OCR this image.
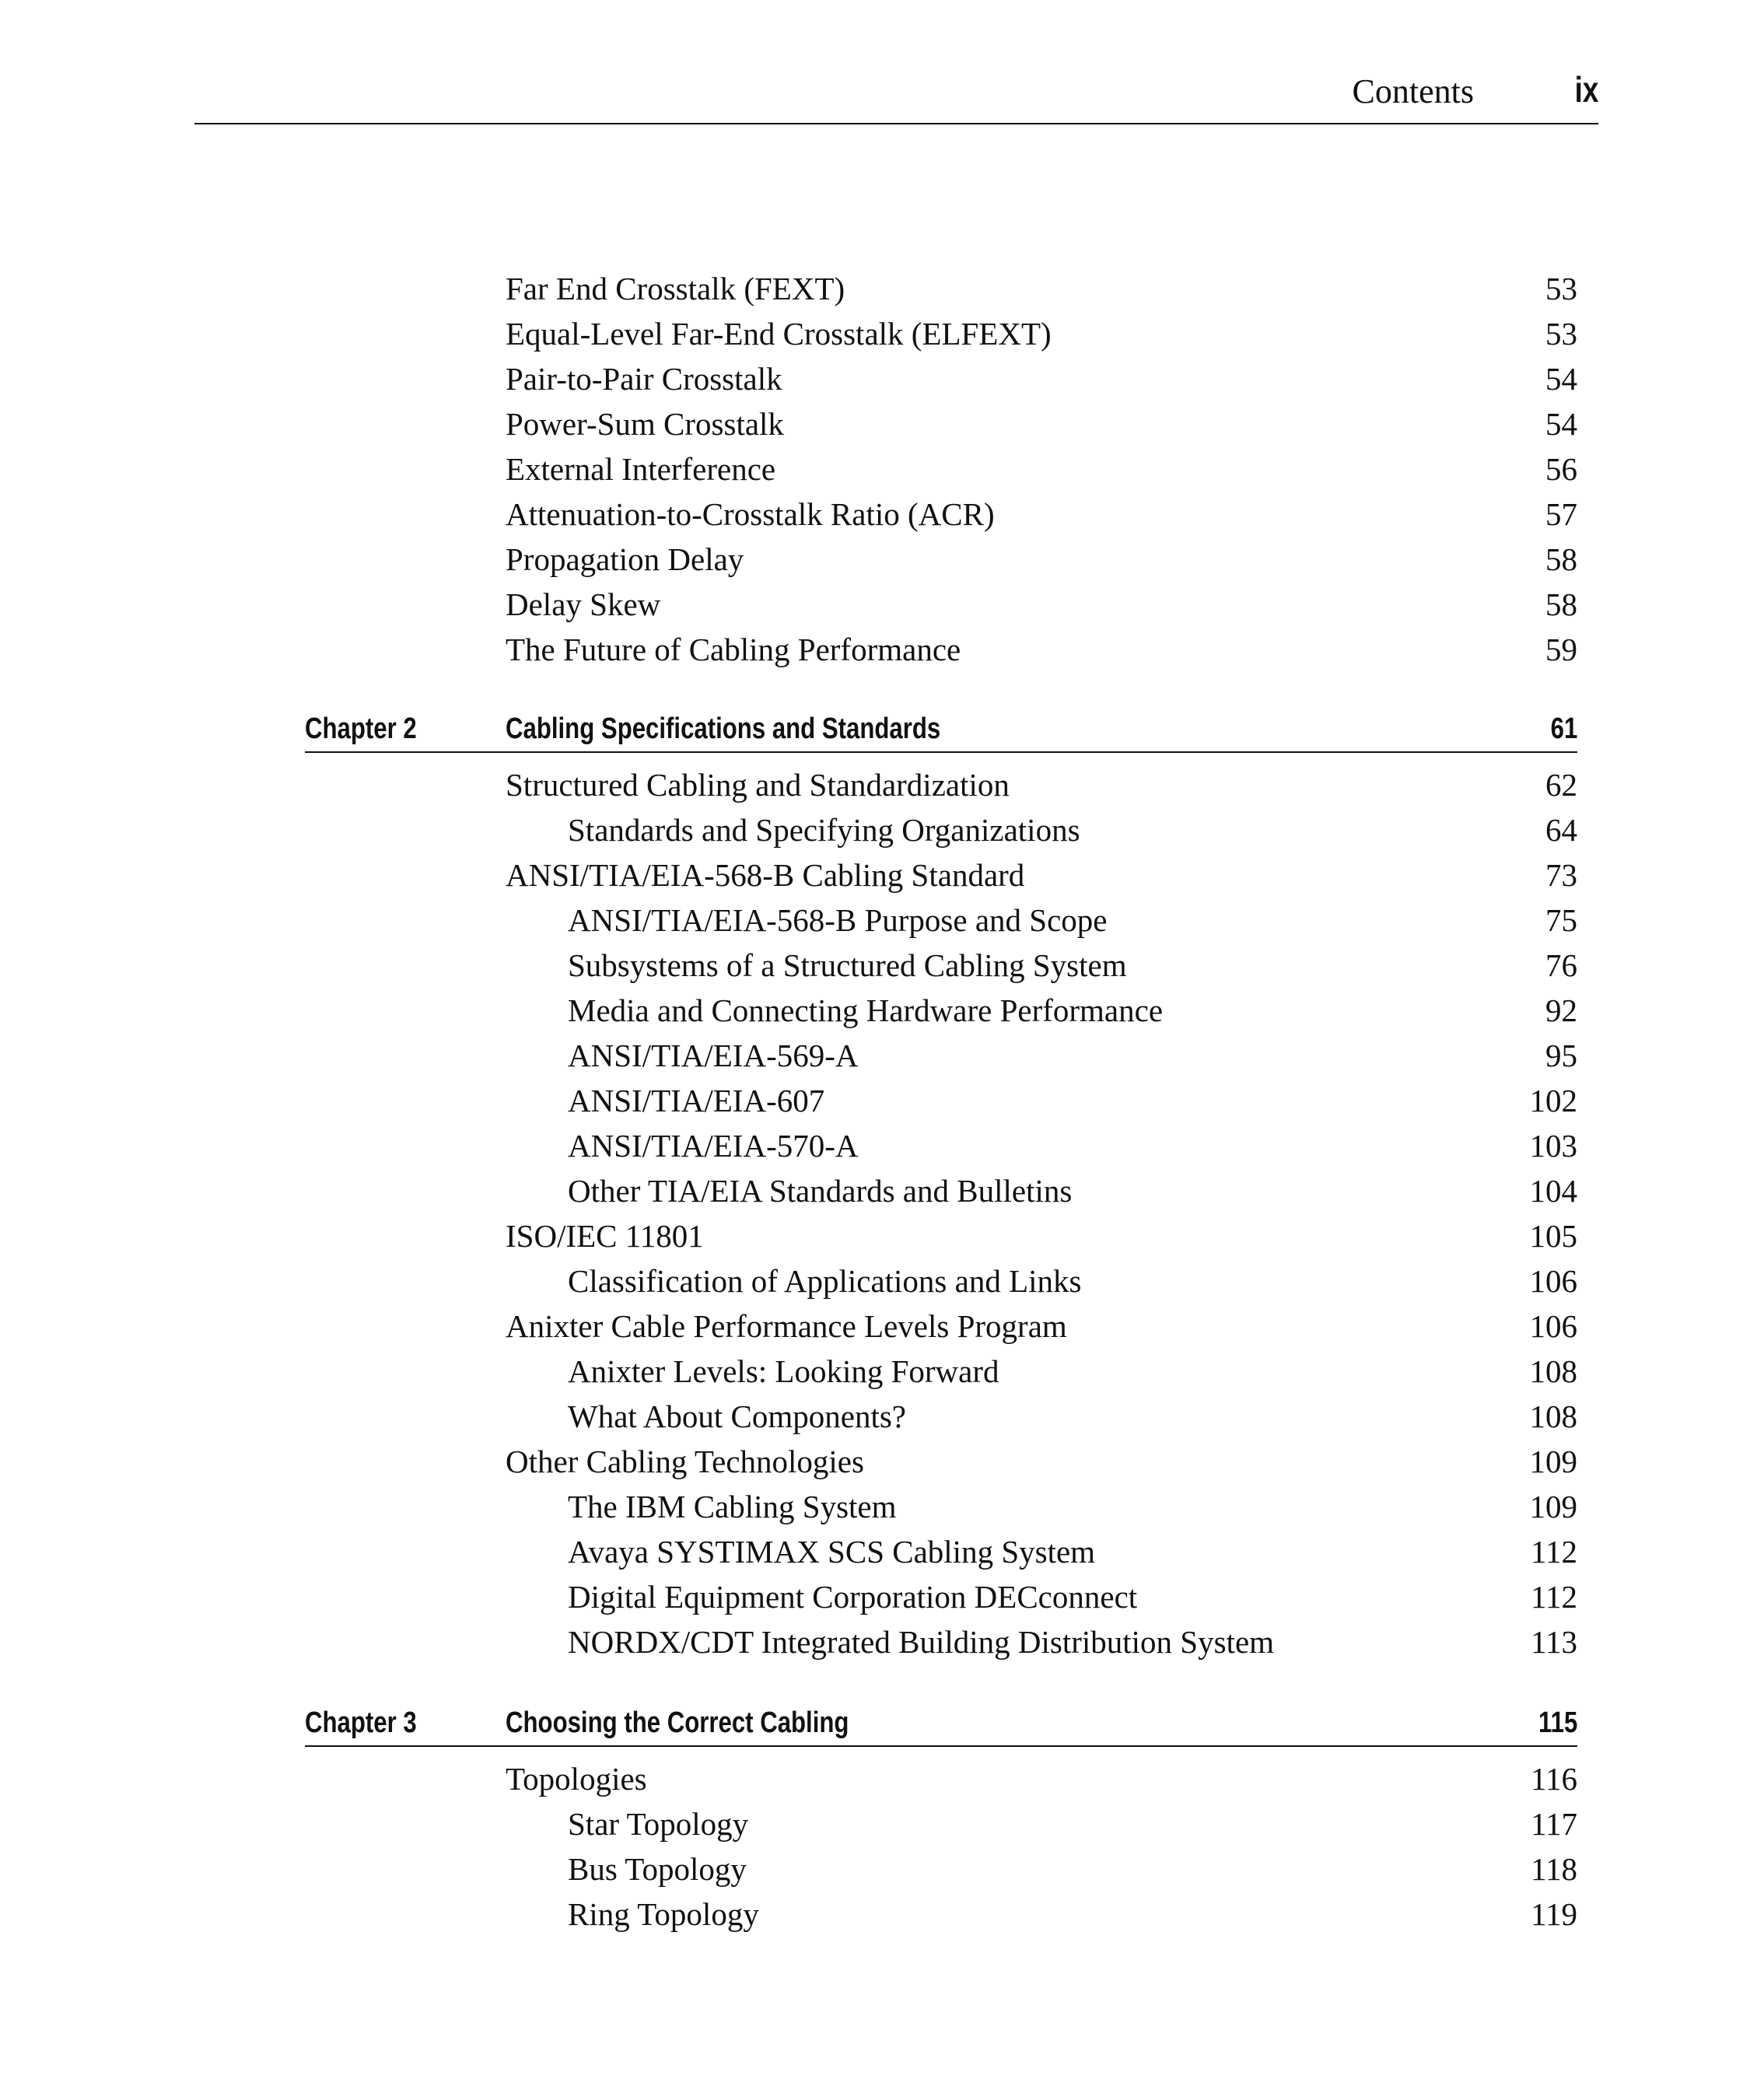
Contents	ix
Far End Crosstalk (FEXT)	53
Equal-Level Far-End Crosstalk (ELFEXT)	53
Pair-to-Pair Crosstalk	54
Power-Sum Crosstalk	54
External Interference	56
Attenuation-to-Crosstalk Ratio (ACR)	57
Propagation Delay	58
Delay Skew	58
The Future of Cabling Performance	59
Chapter 2	Cabling Specifications and Standards	61
Structured Cabling and Standardization	62
Standards and Specifying Organizations	64
ANSI/TIA/EIA-568-B Cabling Standard	73
ANSI/TIA/EIA-568-B Purpose and Scope	75
Subsystems of a Structured Cabling System	76
Media and Connecting Hardware Performance	92
ANSI/TIA/EIA-569-A	95
ANSI/TIA/EIA-607	102
ANSI/TIA/EIA-570-A	103
Other TIA/EIA Standards and Bulletins	104
ISO/IEC 11801	105
Classification of Applications and Links	106
Anixter Cable Performance Levels Program	106
Anixter Levels: Looking Forward	108
What About Components?	108
Other Cabling Technologies	109
The IBM Cabling System	109
Avaya SYSTIMAX SCS Cabling System	112
Digital Equipment Corporation DECconnect	112
NORDX/CDT Integrated Building Distribution System	113
Chapter 3	Choosing the Correct Cabling	115
Topologies	116
Star Topology	117
Bus Topology	118
Ring Topology	119
